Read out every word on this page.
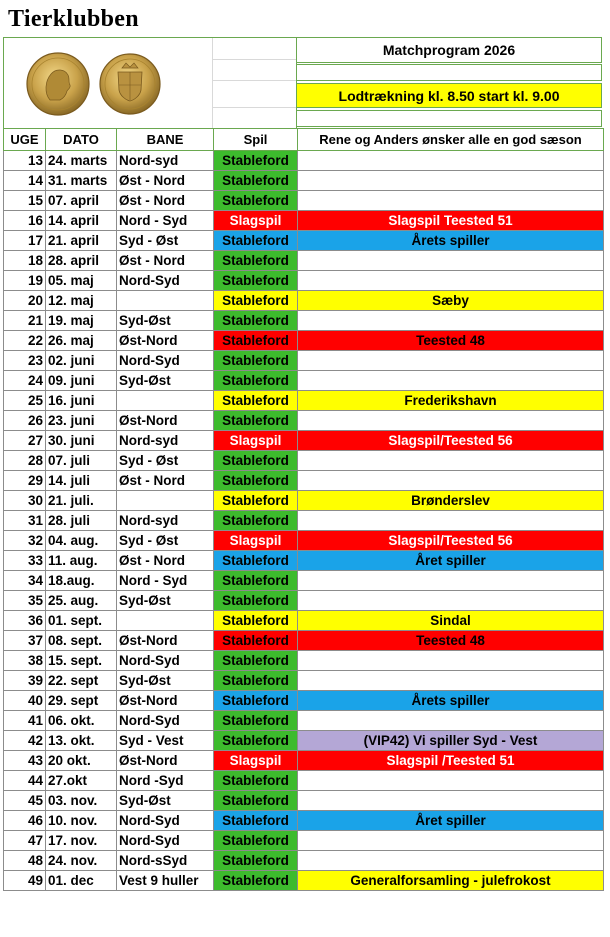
Tierklubben
Matchprogram 2026
Lodtrækning kl. 8.50 start kl. 9.00
UGE	DATO	BANE	Spil	Rene og Anders ønsker alle en god sæson
13	24. marts	Nord-syd	Stableford	
14	31. marts	Øst - Nord	Stableford	
15	07. april	Øst - Nord	Stableford	
16	14. april	Nord - Syd	Slagspil	Slagspil Teested 51
17	21. april	Syd - Øst	Stableford	Årets spiller
18	28. april	Øst - Nord	Stableford	
19	05. maj	Nord-Syd	Stableford	
20	12. maj		Stableford	Sæby
21	19. maj	Syd-Øst	Stableford	
22	26. maj	Øst-Nord	Stableford	Teested 48
23	02. juni	Nord-Syd	Stableford	
24	09. juni	Syd-Øst	Stableford	
25	16. juni		Stableford	Frederikshavn
26	23. juni	Øst-Nord	Stableford	
27	30. juni	Nord-syd	Slagspil	Slagspil/Teested 56
28	07. juli	Syd - Øst	Stableford	
29	14. juli	Øst - Nord	Stableford	
30	21. juli.		Stableford	Brønderslev
31	28. juli	Nord-syd	Stableford	
32	04. aug.	Syd - Øst	Slagspil	Slagspil/Teested 56
33	11. aug.	Øst - Nord	Stableford	Året spiller
34	18.aug.	Nord - Syd	Stableford	
35	25. aug.	Syd-Øst	Stableford	
36	01. sept.		Stableford	Sindal
37	08. sept.	Øst-Nord	Stableford	Teested 48
38	15. sept.	Nord-Syd	Stableford	
39	22. sept	Syd-Øst	Stableford	
40	29. sept	Øst-Nord	Stableford	Årets spiller
41	06. okt.	Nord-Syd	Stableford	
42	13. okt.	Syd - Vest	Stableford	(VIP42) Vi spiller Syd - Vest
43	20 okt.	Øst-Nord	Slagspil	Slagspil /Teested 51
44	27.okt	Nord -Syd	Stableford	
45	03. nov.	Syd-Øst	Stableford	
46	10. nov.	Nord-Syd	Stableford	Året spiller
47	17. nov.	Nord-Syd	Stableford	
48	24. nov.	Nord-sSyd	Stableford	
49	01. dec	Vest 9 huller	Stableford	Generalforsamling - julefrokost
